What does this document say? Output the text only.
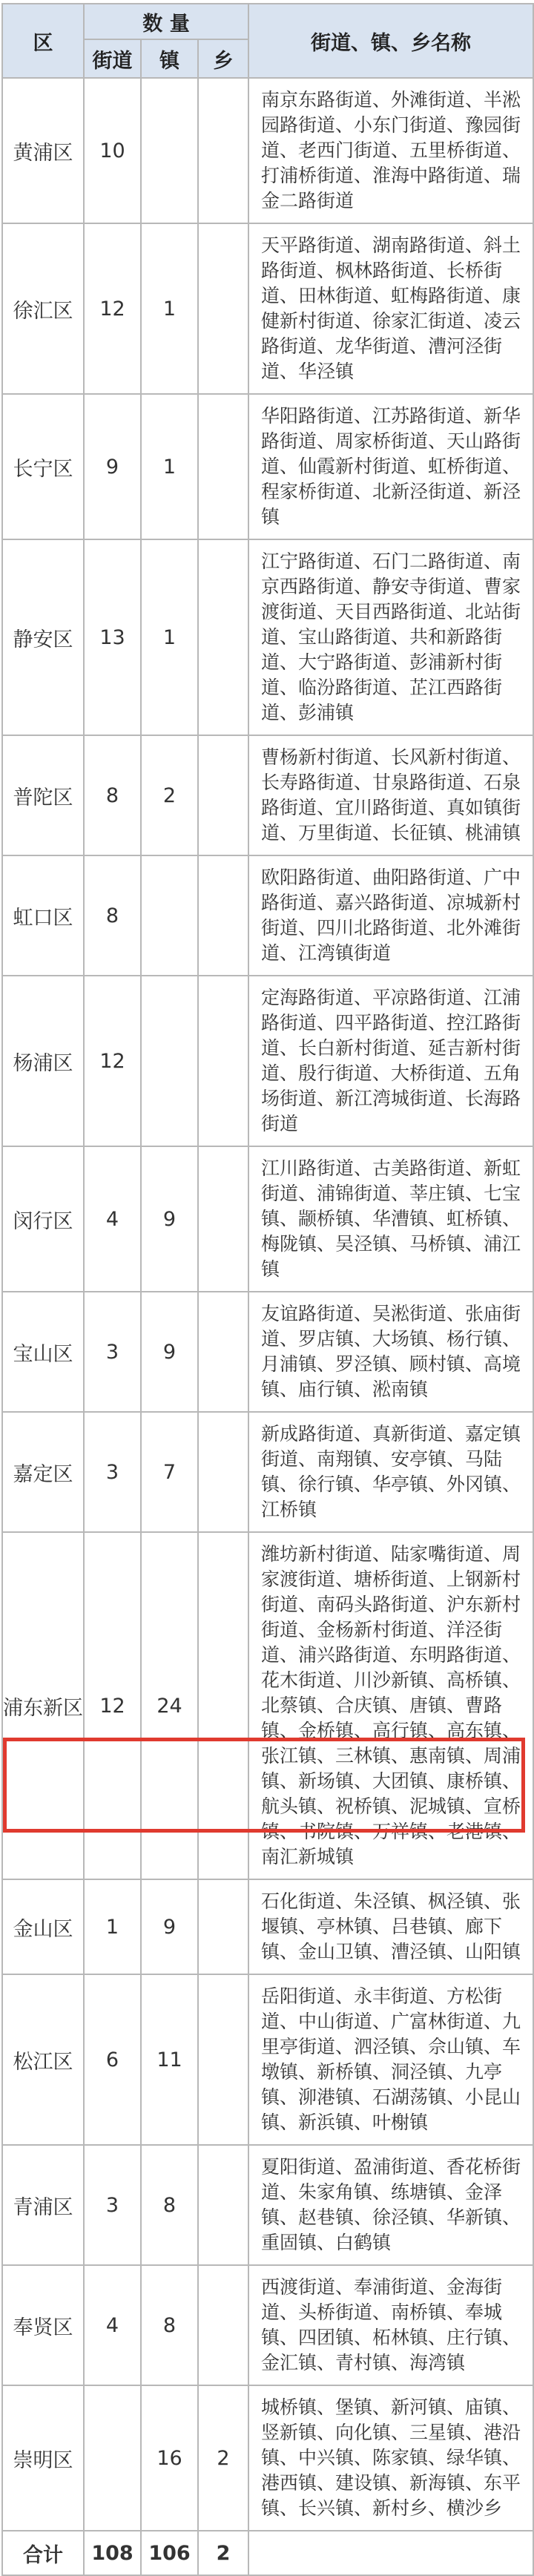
区	数 量			街道、镇、乡名称
	街道	镇	乡	
黄浦区	10			南京东路街道、外滩街道、半淞园路街道、小东门街道、豫园街道、老西门街道、五里桥街道、打浦桥街道、淮海中路街道、瑞金二路街道
徐汇区	12	1		天平路街道、湖南路街道、斜土路街道、枫林路街道、长桥街道、田林街道、虹梅路街道、康健新村街道、徐家汇街道、凌云路街道、龙华街道、漕河泾街道、华泾镇
长宁区	9	1		华阳路街道、江苏路街道、新华路街道、周家桥街道、天山路街道、仙霞新村街道、虹桥街道、程家桥街道、北新泾街道、新泾镇
静安区	13	1		江宁路街道、石门二路街道、南京西路街道、静安寺街道、曹家渡街道、天目西路街道、北站街道、宝山路街道、共和新路街道、大宁路街道、彭浦新村街道、临汾路街道、芷江西路街道、彭浦镇
普陀区	8	2		曹杨新村街道、长风新村街道、长寿路街道、甘泉路街道、石泉路街道、宜川路街道、真如镇街道、万里街道、长征镇、桃浦镇
虹口区	8			欧阳路街道、曲阳路街道、广中路街道、嘉兴路街道、凉城新村街道、四川北路街道、北外滩街道、江湾镇街道
杨浦区	12			定海路街道、平凉路街道、江浦路街道、四平路街道、控江路街道、长白新村街道、延吉新村街道、殷行街道、大桥街道、五角场街道、新江湾城街道、长海路街道
闵行区	4	9		江川路街道、古美路街道、新虹街道、浦锦街道、莘庄镇、七宝镇、颛桥镇、华漕镇、虹桥镇、梅陇镇、吴泾镇、马桥镇、浦江镇
宝山区	3	9		友谊路街道、吴淞街道、张庙街道、罗店镇、大场镇、杨行镇、月浦镇、罗泾镇、顾村镇、高境镇、庙行镇、淞南镇
嘉定区	3	7		新成路街道、真新街道、嘉定镇街道、南翔镇、安亭镇、马陆镇、徐行镇、华亭镇、外冈镇、江桥镇
浦东新区	12	24		潍坊新村街道、陆家嘴街道、周家渡街道、塘桥街道、上钢新村街道、南码头路街道、沪东新村街道、金杨新村街道、洋泾街道、浦兴路街道、东明路街道、花木街道、川沙新镇、高桥镇、北蔡镇、合庆镇、唐镇、曹路镇、金桥镇、高行镇、高东镇、张江镇、三林镇、惠南镇、周浦镇、新场镇、大团镇、康桥镇、航头镇、祝桥镇、泥城镇、宣桥镇、书院镇、万祥镇、老港镇、南汇新城镇
金山区	1	9		石化街道、朱泾镇、枫泾镇、张堰镇、亭林镇、吕巷镇、廊下镇、金山卫镇、漕泾镇、山阳镇
松江区	6	11		岳阳街道、永丰街道、方松街道、中山街道、广富林街道、九里亭街道、泗泾镇、佘山镇、车墩镇、新桥镇、洞泾镇、九亭镇、泖港镇、石湖荡镇、小昆山镇、新浜镇、叶榭镇
青浦区	3	8		夏阳街道、盈浦街道、香花桥街道、朱家角镇、练塘镇、金泽镇、赵巷镇、徐泾镇、华新镇、重固镇、白鹤镇
奉贤区	4	8		西渡街道、奉浦街道、金海街道、头桥街道、南桥镇、奉城镇、四团镇、柘林镇、庄行镇、金汇镇、青村镇、海湾镇
崇明区		16	2	城桥镇、堡镇、新河镇、庙镇、竖新镇、向化镇、三星镇、港沿镇、中兴镇、陈家镇、绿华镇、港西镇、建设镇、新海镇、东平镇、长兴镇、新村乡、横沙乡
合计	108	106	2	
